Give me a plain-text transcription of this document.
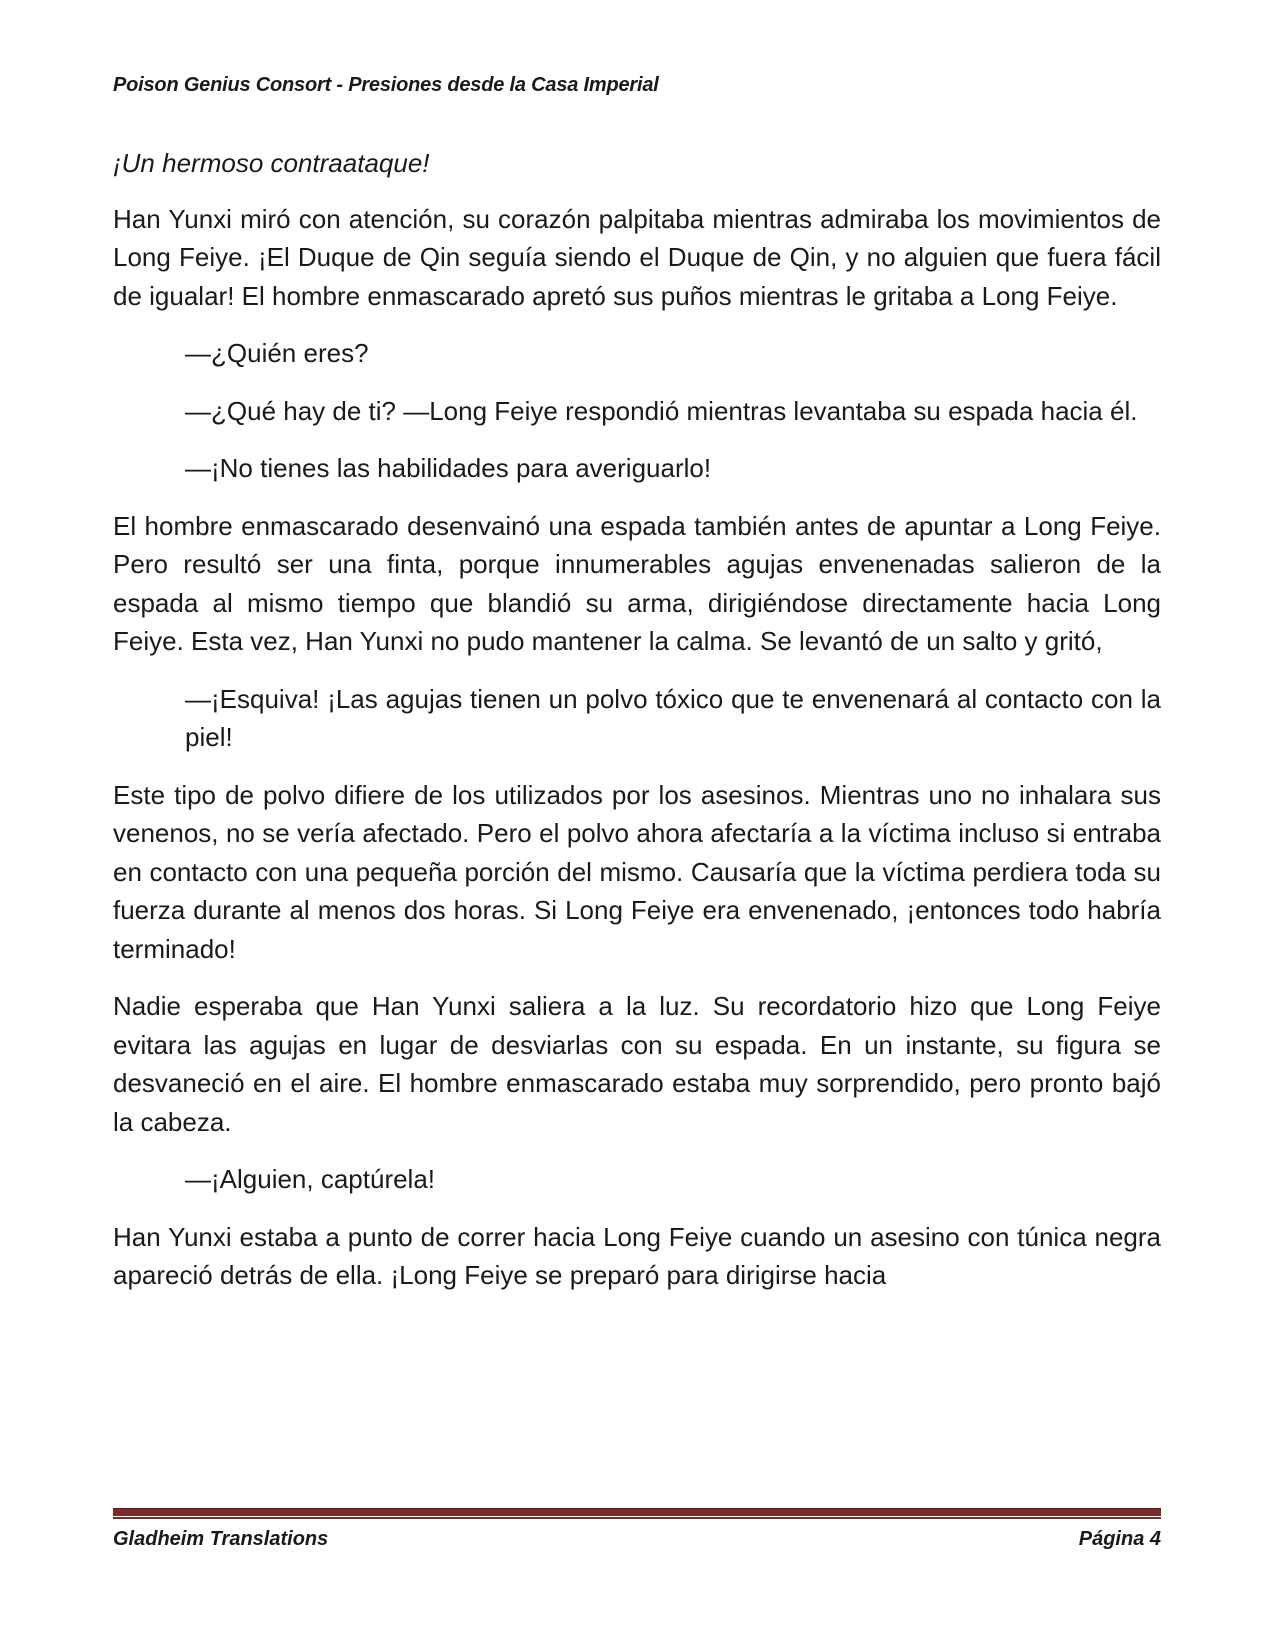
Poison Genius Consort - Presiones desde la Casa Imperial

¡Un hermoso contraataque!

Han Yunxi miró con atención, su corazón palpitaba mientras admiraba los movimientos de Long Feiye. ¡El Duque de Qin seguía siendo el Duque de Qin, y no alguien que fuera fácil de igualar! El hombre enmascarado apretó sus puños mientras le gritaba a Long Feiye.

—¿Quién eres?

—¿Qué hay de ti? —Long Feiye respondió mientras levantaba su espada hacia él.

—¡No tienes las habilidades para averiguarlo!

El hombre enmascarado desenvainó una espada también antes de apuntar a Long Feiye. Pero resultó ser una finta, porque innumerables agujas envenenadas salieron de la espada al mismo tiempo que blandió su arma, dirigiéndose directamente hacia Long Feiye. Esta vez, Han Yunxi no pudo mantener la calma. Se levantó de un salto y gritó,

—¡Esquiva! ¡Las agujas tienen un polvo tóxico que te envenenará al contacto con la piel!

Este tipo de polvo difiere de los utilizados por los asesinos. Mientras uno no inhalara sus venenos, no se vería afectado. Pero el polvo ahora afectaría a la víctima incluso si entraba en contacto con una pequeña porción del mismo. Causaría que la víctima perdiera toda su fuerza durante al menos dos horas. Si Long Feiye era envenenado, ¡entonces todo habría terminado!

Nadie esperaba que Han Yunxi saliera a la luz. Su recordatorio hizo que Long Feiye evitara las agujas en lugar de desviarlas con su espada. En un instante, su figura se desvaneció en el aire. El hombre enmascarado estaba muy sorprendido, pero pronto bajó la cabeza.

—¡Alguien, captúrela!

Han Yunxi estaba a punto de correr hacia Long Feiye cuando un asesino con túnica negra apareció detrás de ella. ¡Long Feiye se preparó para dirigirse hacia

Gladheim Translations	Página 4
